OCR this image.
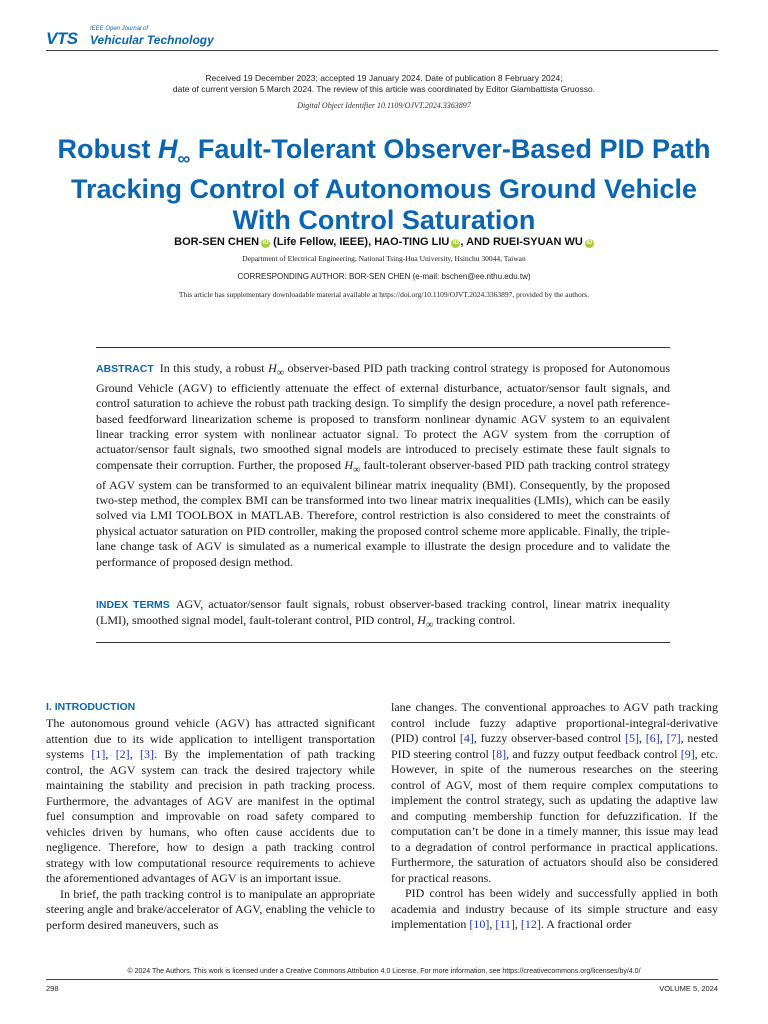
VTS IEEE Open Journal of
Vehicular Technology
Received 19 December 2023; accepted 19 January 2024. Date of publication 8 February 2024;
date of current version 5 March 2024. The review of this article was coordinated by Editor Giambattista Gruosso.
Digital Object Identifier 10.1109/OJVT.2024.3363897
Robust $H_\infty$ Fault-Tolerant Observer-Based PID Path Tracking Control of Autonomous Ground Vehicle With Control Saturation
BOR-SEN CHEN iD (Life Fellow, IEEE), HAO-TING LIU iD , AND RUEI-SYUAN WU iD
Department of Electrical Engineering, National Tsing-Hua University, Hsinchu 30044, Taiwan
CORRESPONDING AUTHOR: BOR-SEN CHEN (e-mail: bschen@ee.nthu.edu.tw)
This article has supplementary downloadable material available at https://doi.org/10.1109/OJVT.2024.3363897, provided by the authors.
ABSTRACT In this study, a robust $H_\infty$ observer-based PID path tracking control strategy is proposed for Autonomous Ground Vehicle (AGV) to efficiently attenuate the effect of external disturbance, actuator/sensor fault signals, and control saturation to achieve the robust path tracking design. To simplify the design procedure, a novel path reference-based feedforward linearization scheme is proposed to transform nonlinear dynamic AGV system to an equivalent linear tracking error system with nonlinear actuator signal. To protect the AGV system from the corruption of actuator/sensor fault signals, two smoothed signal models are introduced to precisely estimate these fault signals to compensate their corruption. Further, the proposed $H_\infty$ fault-tolerant observer-based PID path tracking control strategy of AGV system can be transformed to an equivalent bilinear matrix inequality (BMI). Consequently, by the proposed two-step method, the complex BMI can be transformed into two linear matrix inequalities (LMIs), which can be easily solved via LMI TOOLBOX in MATLAB. Therefore, control restriction is also considered to meet the constraints of physical actuator saturation on PID controller, making the proposed control scheme more applicable. Finally, the triple-lane change task of AGV is simulated as a numerical example to illustrate the design procedure and to validate the performance of proposed design method.
INDEX TERMS AGV, actuator/sensor fault signals, robust observer-based tracking control, linear matrix inequality (LMI), smoothed signal model, fault-tolerant control, PID control, $H_\infty$ tracking control.
I. INTRODUCTION
The autonomous ground vehicle (AGV) has attracted significant attention due to its wide application to intelligent transportation systems [1], [2], [3]. By the implementation of path tracking control, the AGV system can track the desired trajectory while maintaining the stability and precision in path tracking process. Furthermore, the advantages of AGV are manifest in the optimal fuel consumption and improvable on road safety compared to vehicles driven by humans, who often cause accidents due to negligence. Therefore, how to design a path tracking control strategy with low computational resource requirements to achieve the aforementioned advantages of AGV is an important issue.
In brief, the path tracking control is to manipulate an appropriate steering angle and brake/accelerator of AGV, enabling the vehicle to perform desired maneuvers, such as
lane changes. The conventional approaches to AGV path tracking control include fuzzy adaptive proportional-integral-derivative (PID) control [4], fuzzy observer-based control [5], [6], [7], nested PID steering control [8], and fuzzy output feedback control [9], etc. However, in spite of the numerous researches on the steering control of AGV, most of them require complex computations to implement the control strategy, such as updating the adaptive law and computing membership function for defuzzification. If the computation can’t be done in a timely manner, this issue may lead to a degradation of control performance in practical applications. Furthermore, the saturation of actuators should also be considered for practical reasons.
PID control has been widely and successfully applied in both academia and industry because of its simple structure and easy implementation [10], [11], [12]. A fractional order
© 2024 The Authors. This work is licensed under a Creative Commons Attribution 4.0 License. For more information, see https://creativecommons.org/licenses/by/4.0/
298	VOLUME 5, 2024
